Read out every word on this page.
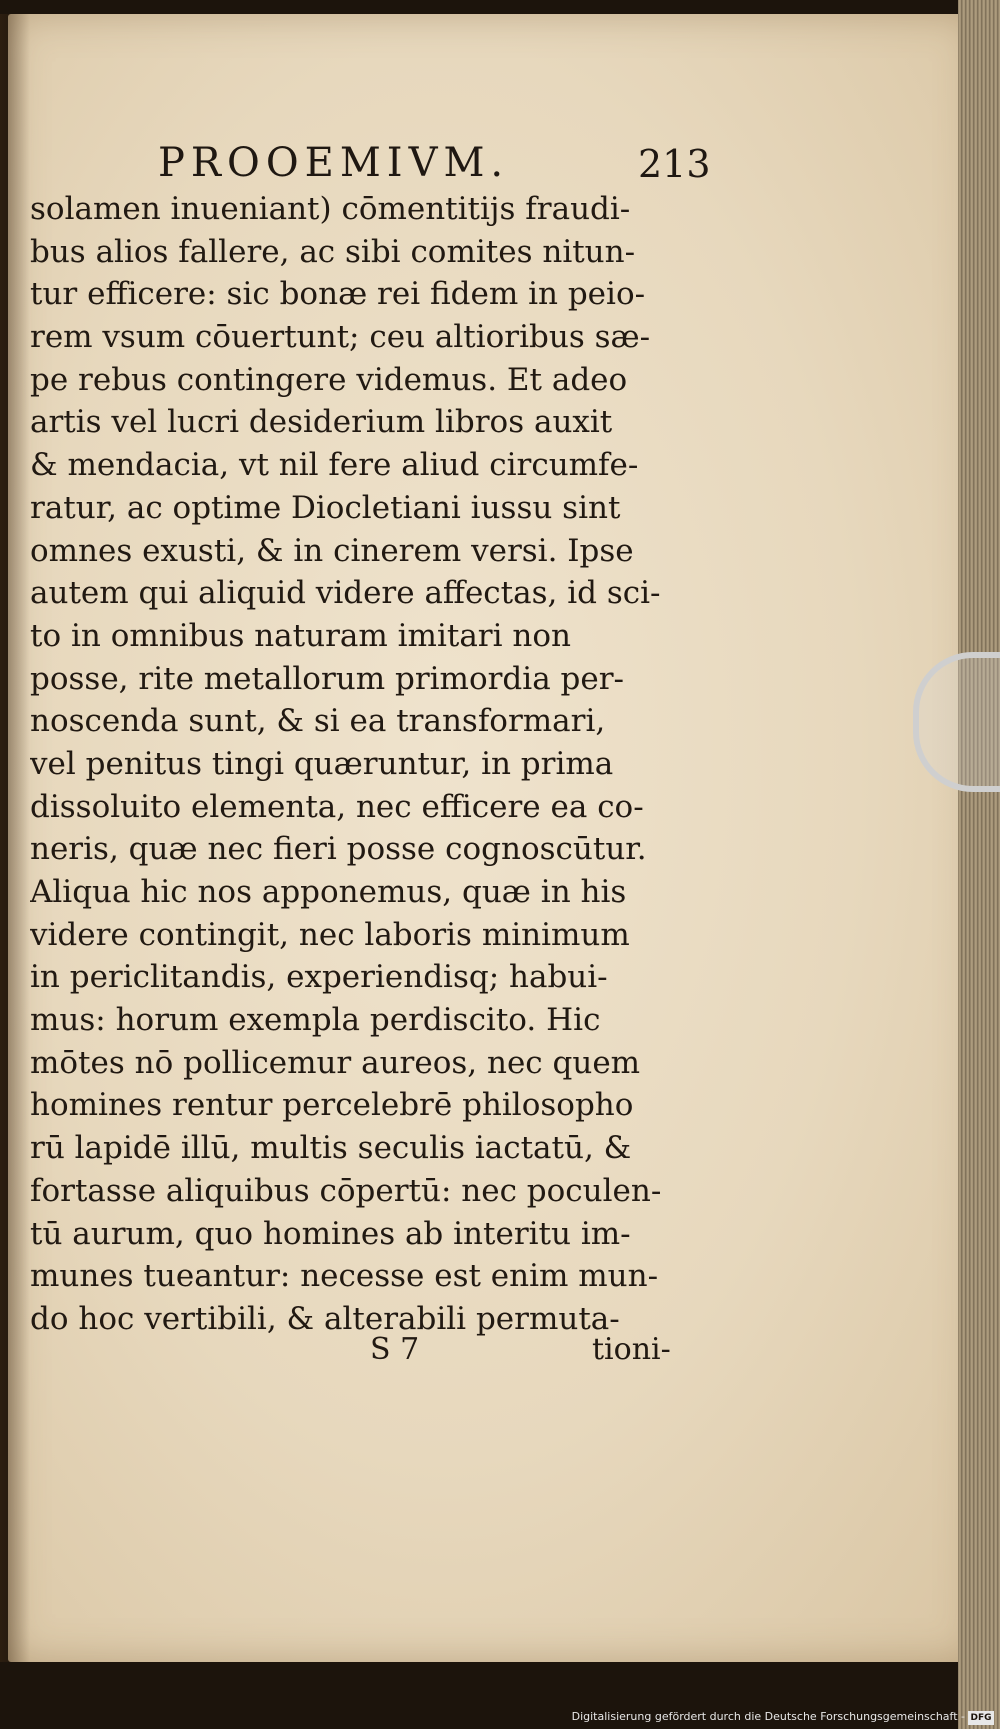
PROOEMIVM.	213
solamen inueniant) cōmentitijs fraudi-
bus alios fallere, ac sibi comites nitun-
tur efficere: sic bonæ rei fidem in peio-
rem vsum cōuertunt; ceu altioribus sæ-
pe rebus contingere videmus. Et adeo
artis vel lucri desiderium libros auxit
& mendacia, vt nil fere aliud circumfe-
ratur, ac optime Diocletiani iussu sint
omnes exusti, & in cinerem versi. Ipse
autem qui aliquid videre affectas, id sci-
to in omnibus naturam imitari non
posse, rite metallorum primordia per-
noscenda sunt, & si ea transformari,
vel penitus tingi quæruntur, in prima
dissoluito elementa, nec efficere ea co-
neris, quæ nec fieri posse cognoscūtur.
Aliqua hic nos apponemus, quæ in his
videre contingit, nec laboris minimum
in periclitandis, experiendisq; habui-
mus: horum exempla perdiscito. Hic
mōtes nō pollicemur aureos, nec quem
homines rentur percelebrē philosopho
rū lapidē illū, multis seculis iactatū, &
fortasse aliquibus cōpertū: nec poculen-
tū aurum, quo homines ab interitu im-
munes tueantur: necesse est enim mun-
do hoc vertibili, & alterabili permuta-
S 7	tioni-
Digitalisierung gefördert durch die Deutsche Forschungsgemeinschaft - DFG
